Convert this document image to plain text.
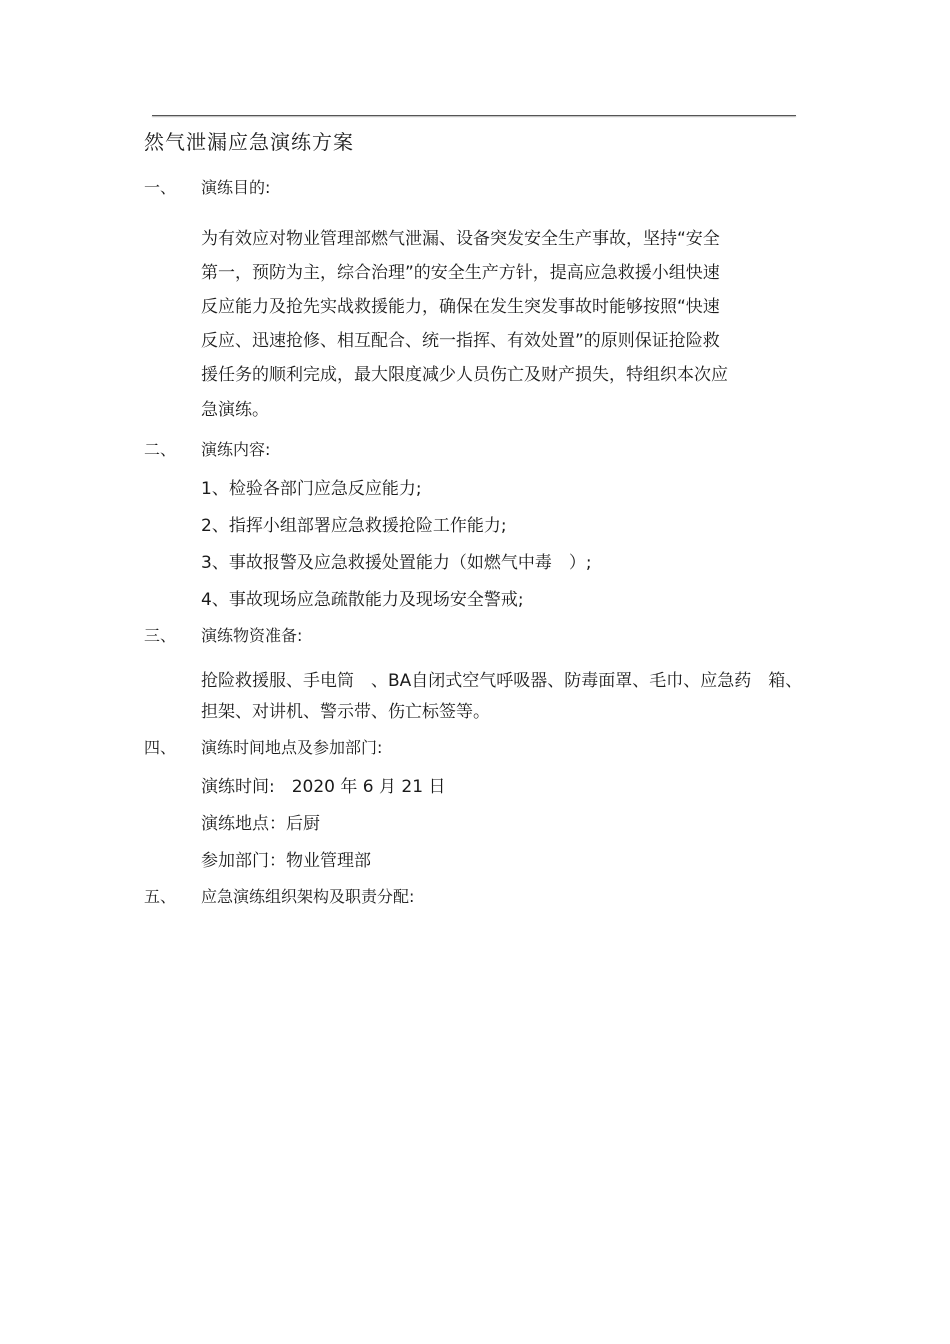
然气泄漏应急演练方案
一、 演练目的:
为有效应对物业管理部燃气泄漏、设备突发安全生产事故，坚持“安全
第一，预防为主，综合治理”的安全生产方针，提高应急救援小组快速
反应能力及抢先实战救援能力，确保在发生突发事故时能够按照“快速
反应、迅速抢修、相互配合、统一指挥、有效处置”的原则保证抢险救
援任务的顺利完成，最大限度减少人员伤亡及财产损失，特组织本次应
急演练。
二、 演练内容:
1、检验各部门应急反应能力;
2、指挥小组部署应急救援抢险工作能力;
3、事故报警及应急救援处置能力（如燃气中毒　）;
4、事故现场应急疏散能力及现场安全警戒;
三、 演练物资准备:
抢险救援服、手电筒　、BA自闭式空气呼吸器、防毒面罩、毛巾、应急药　箱、
担架、对讲机、警示带、伤亡标签等。
四、 演练时间地点及参加部门:
演练时间:　2020 年 6 月 21 日
演练地点：后厨
参加部门：物业管理部
五、 应急演练组织架构及职责分配:
